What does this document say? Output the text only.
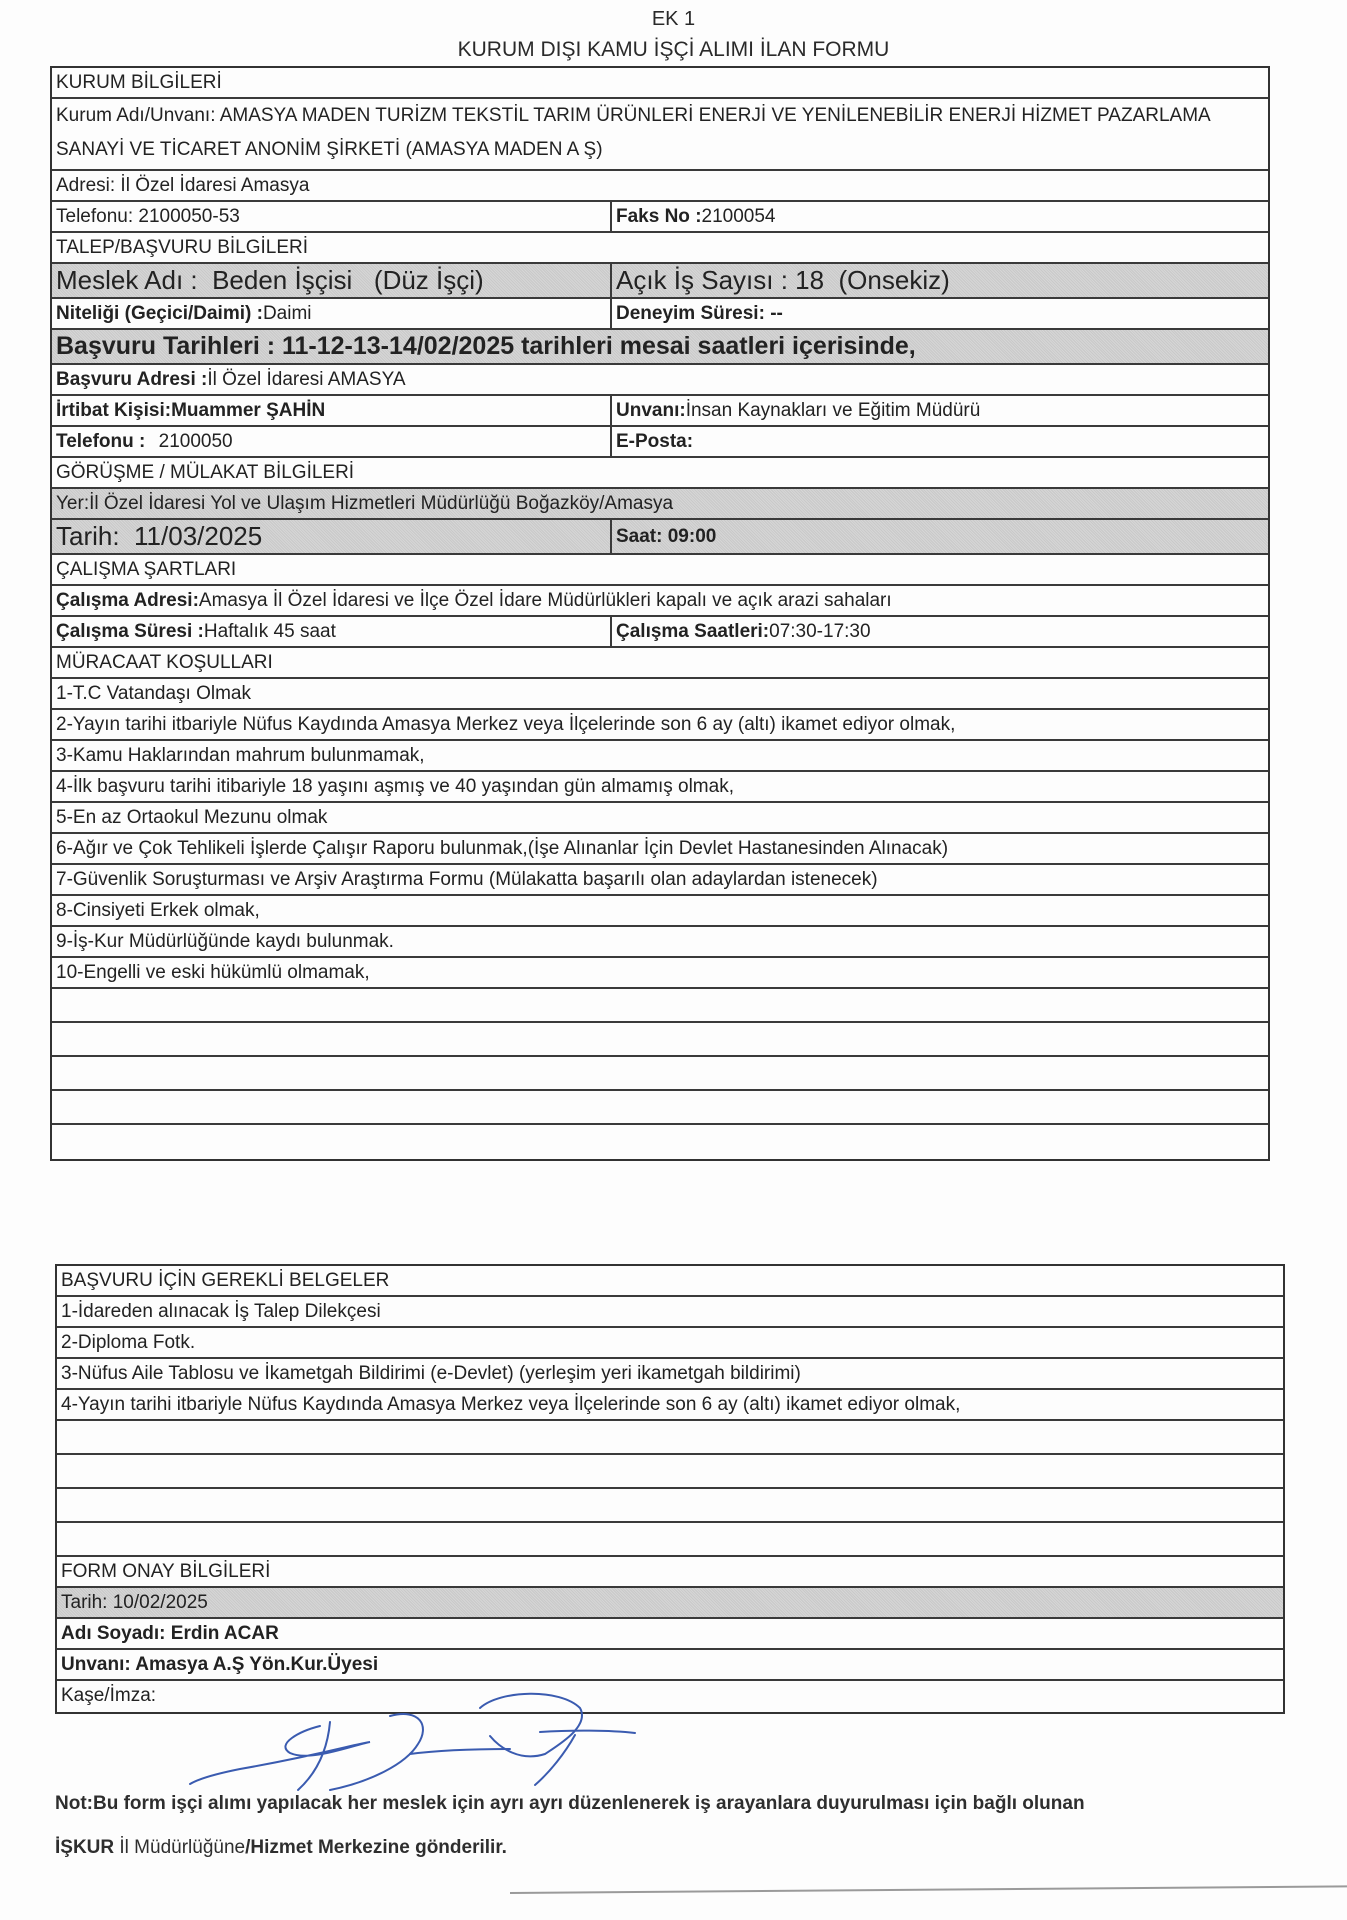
EK 1
KURUM DIŞI KAMU İŞÇİ ALIMI İLAN FORMU
KURUM BİLGİLERİ
Kurum Adı/Unvanı: AMASYA MADEN TURİZM TEKSTİL TARIM ÜRÜNLERİ ENERJİ VE YENİLENEBİLİR ENERJİ HİZMET PAZARLAMA SANAYİ VE TİCARET ANONİM ŞİRKETİ (AMASYA MADEN A Ş)
Adresi: İl Özel İdaresi Amasya
Telefonu: 2100050-53	Faks No :2100054
TALEP/BAŞVURU BİLGİLERİ
Meslek Adı :  Beden İşçisi   (Düz İşçi)	Açık İş Sayısı : 18  (Onsekiz)
Niteliği (Geçici/Daimi) :Daimi	Deneyim Süresi: --
Başvuru Tarihleri : 11-12-13-14/02/2025 tarihleri mesai saatleri içerisinde,
Başvuru Adresi :İl Özel İdaresi AMASYA
İrtibat Kişisi:Muammer ŞAHİN	Unvanı:İnsan Kaynakları ve Eğitim Müdürü
Telefonu : 2100050	E-Posta:
GÖRÜŞME / MÜLAKAT BİLGİLERİ
Yer:İl Özel İdaresi Yol ve Ulaşım Hizmetleri Müdürlüğü Boğazköy/Amasya
Tarih:  11/03/2025	Saat: 09:00
ÇALIŞMA ŞARTLARI
Çalışma Adresi:Amasya İl Özel İdaresi ve İlçe Özel İdare Müdürlükleri kapalı ve açık arazi sahaları
Çalışma Süresi :Haftalık 45 saat	Çalışma Saatleri:07:30-17:30
MÜRACAAT KOŞULLARI
1-T.C Vatandaşı Olmak
2-Yayın tarihi itbariyle Nüfus Kaydında Amasya Merkez veya İlçelerinde son 6 ay (altı) ikamet ediyor olmak,
3-Kamu Haklarından mahrum bulunmamak,
4-İlk başvuru tarihi itibariyle 18 yaşını aşmış ve 40 yaşından gün almamış olmak,
5-En az Ortaokul Mezunu olmak
6-Ağır ve Çok Tehlikeli İşlerde Çalışır Raporu bulunmak,(İşe Alınanlar İçin Devlet Hastanesinden Alınacak)
7-Güvenlik Soruşturması ve Arşiv Araştırma Formu (Mülakatta başarılı olan adaylardan istenecek)
8-Cinsiyeti Erkek olmak,
9-İş-Kur Müdürlüğünde kaydı bulunmak.
10-Engelli ve eski hükümlü olmamak,
BAŞVURU İÇİN GEREKLİ BELGELER
1-İdareden alınacak İş Talep Dilekçesi
2-Diploma Fotk.
3-Nüfus Aile Tablosu ve İkametgah Bildirimi (e-Devlet) (yerleşim yeri ikametgah bildirimi)
4-Yayın tarihi itbariyle Nüfus Kaydında Amasya Merkez veya İlçelerinde son 6 ay (altı) ikamet ediyor olmak,
FORM ONAY BİLGİLERİ
Tarih: 10/02/2025
Adı Soyadı: Erdin ACAR
Unvanı: Amasya A.Ş Yön.Kur.Üyesi
Kaşe/İmza:
Not:Bu form işçi alımı yapılacak her meslek için ayrı ayrı düzenlenerek iş arayanlara duyurulması için bağlı olunan
İŞKUR İl Müdürlüğüne/Hizmet Merkezine gönderilir.
